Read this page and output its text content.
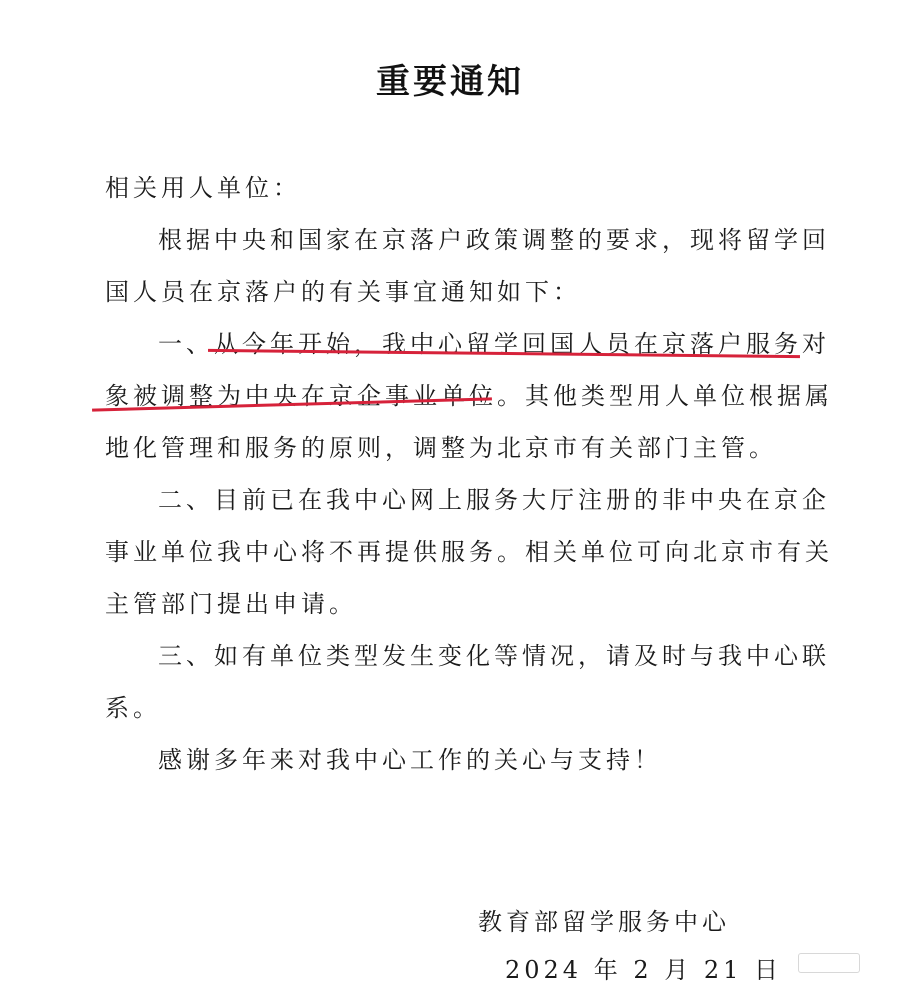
重要通知
相关用人单位：
根据中央和国家在京落户政策调整的要求，现将留学回
国人员在京落户的有关事宜通知如下：
一、从今年开始，我中心留学回国人员在京落户服务对
象被调整为中央在京企事业单位。其他类型用人单位根据属
地化管理和服务的原则，调整为北京市有关部门主管。
二、目前已在我中心网上服务大厅注册的非中央在京企
事业单位我中心将不再提供服务。相关单位可向北京市有关
主管部门提出申请。
三、如有单位类型发生变化等情况，请及时与我中心联
系。
感谢多年来对我中心工作的关心与支持！
教育部留学服务中心
2024 年 2 月 21 日
